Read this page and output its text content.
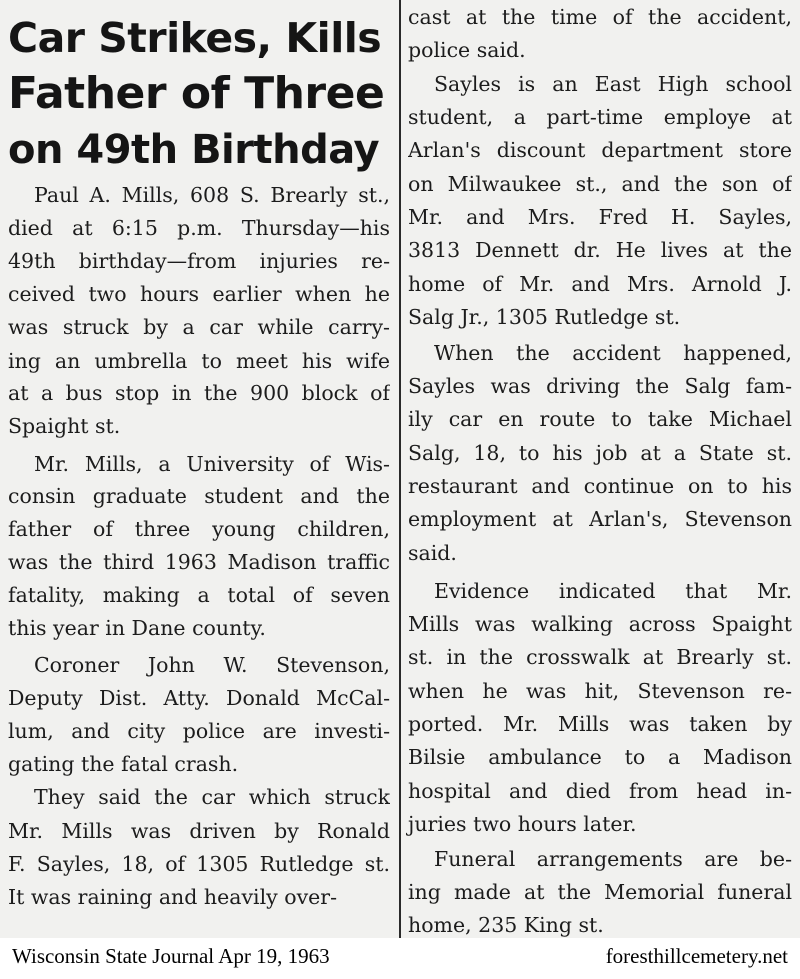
Car Strikes, Kills
Father of Three
on 49th Birthday
Paul A. Mills, 608 S. Brearly st.,
died at 6:15 p.m. Thursday—his
49th birthday—from injuries re-
ceived two hours earlier when he
was struck by a car while carry-
ing an umbrella to meet his wife
at a bus stop in the 900 block of
Spaight st.
Mr. Mills, a University of Wis-
consin graduate student and the
father of three young children,
was the third 1963 Madison traffic
fatality, making a total of seven
this year in Dane county.
Coroner John W. Stevenson,
Deputy Dist. Atty. Donald McCal-
lum, and city police are investi-
gating the fatal crash.
They said the car which struck
Mr. Mills was driven by Ronald
F. Sayles, 18, of 1305 Rutledge st.
It was raining and heavily over-
cast at the time of the accident,
police said.
Sayles is an East High school
student, a part-time employe at
Arlan's discount department store
on Milwaukee st., and the son of
Mr. and Mrs. Fred H. Sayles,
3813 Dennett dr. He lives at the
home of Mr. and Mrs. Arnold J.
Salg Jr., 1305 Rutledge st.
When the accident happened,
Sayles was driving the Salg fam-
ily car en route to take Michael
Salg, 18, to his job at a State st.
restaurant and continue on to his
employment at Arlan's, Stevenson
said.
Evidence indicated that Mr.
Mills was walking across Spaight
st. in the crosswalk at Brearly st.
when he was hit, Stevenson re-
ported. Mr. Mills was taken by
Bilsie ambulance to a Madison
hospital and died from head in-
juries two hours later.
Funeral arrangements are be-
ing made at the Memorial funeral
home, 235 King st.
Wisconsin State Journal Apr 19, 1963	foresthillcemetery.net
